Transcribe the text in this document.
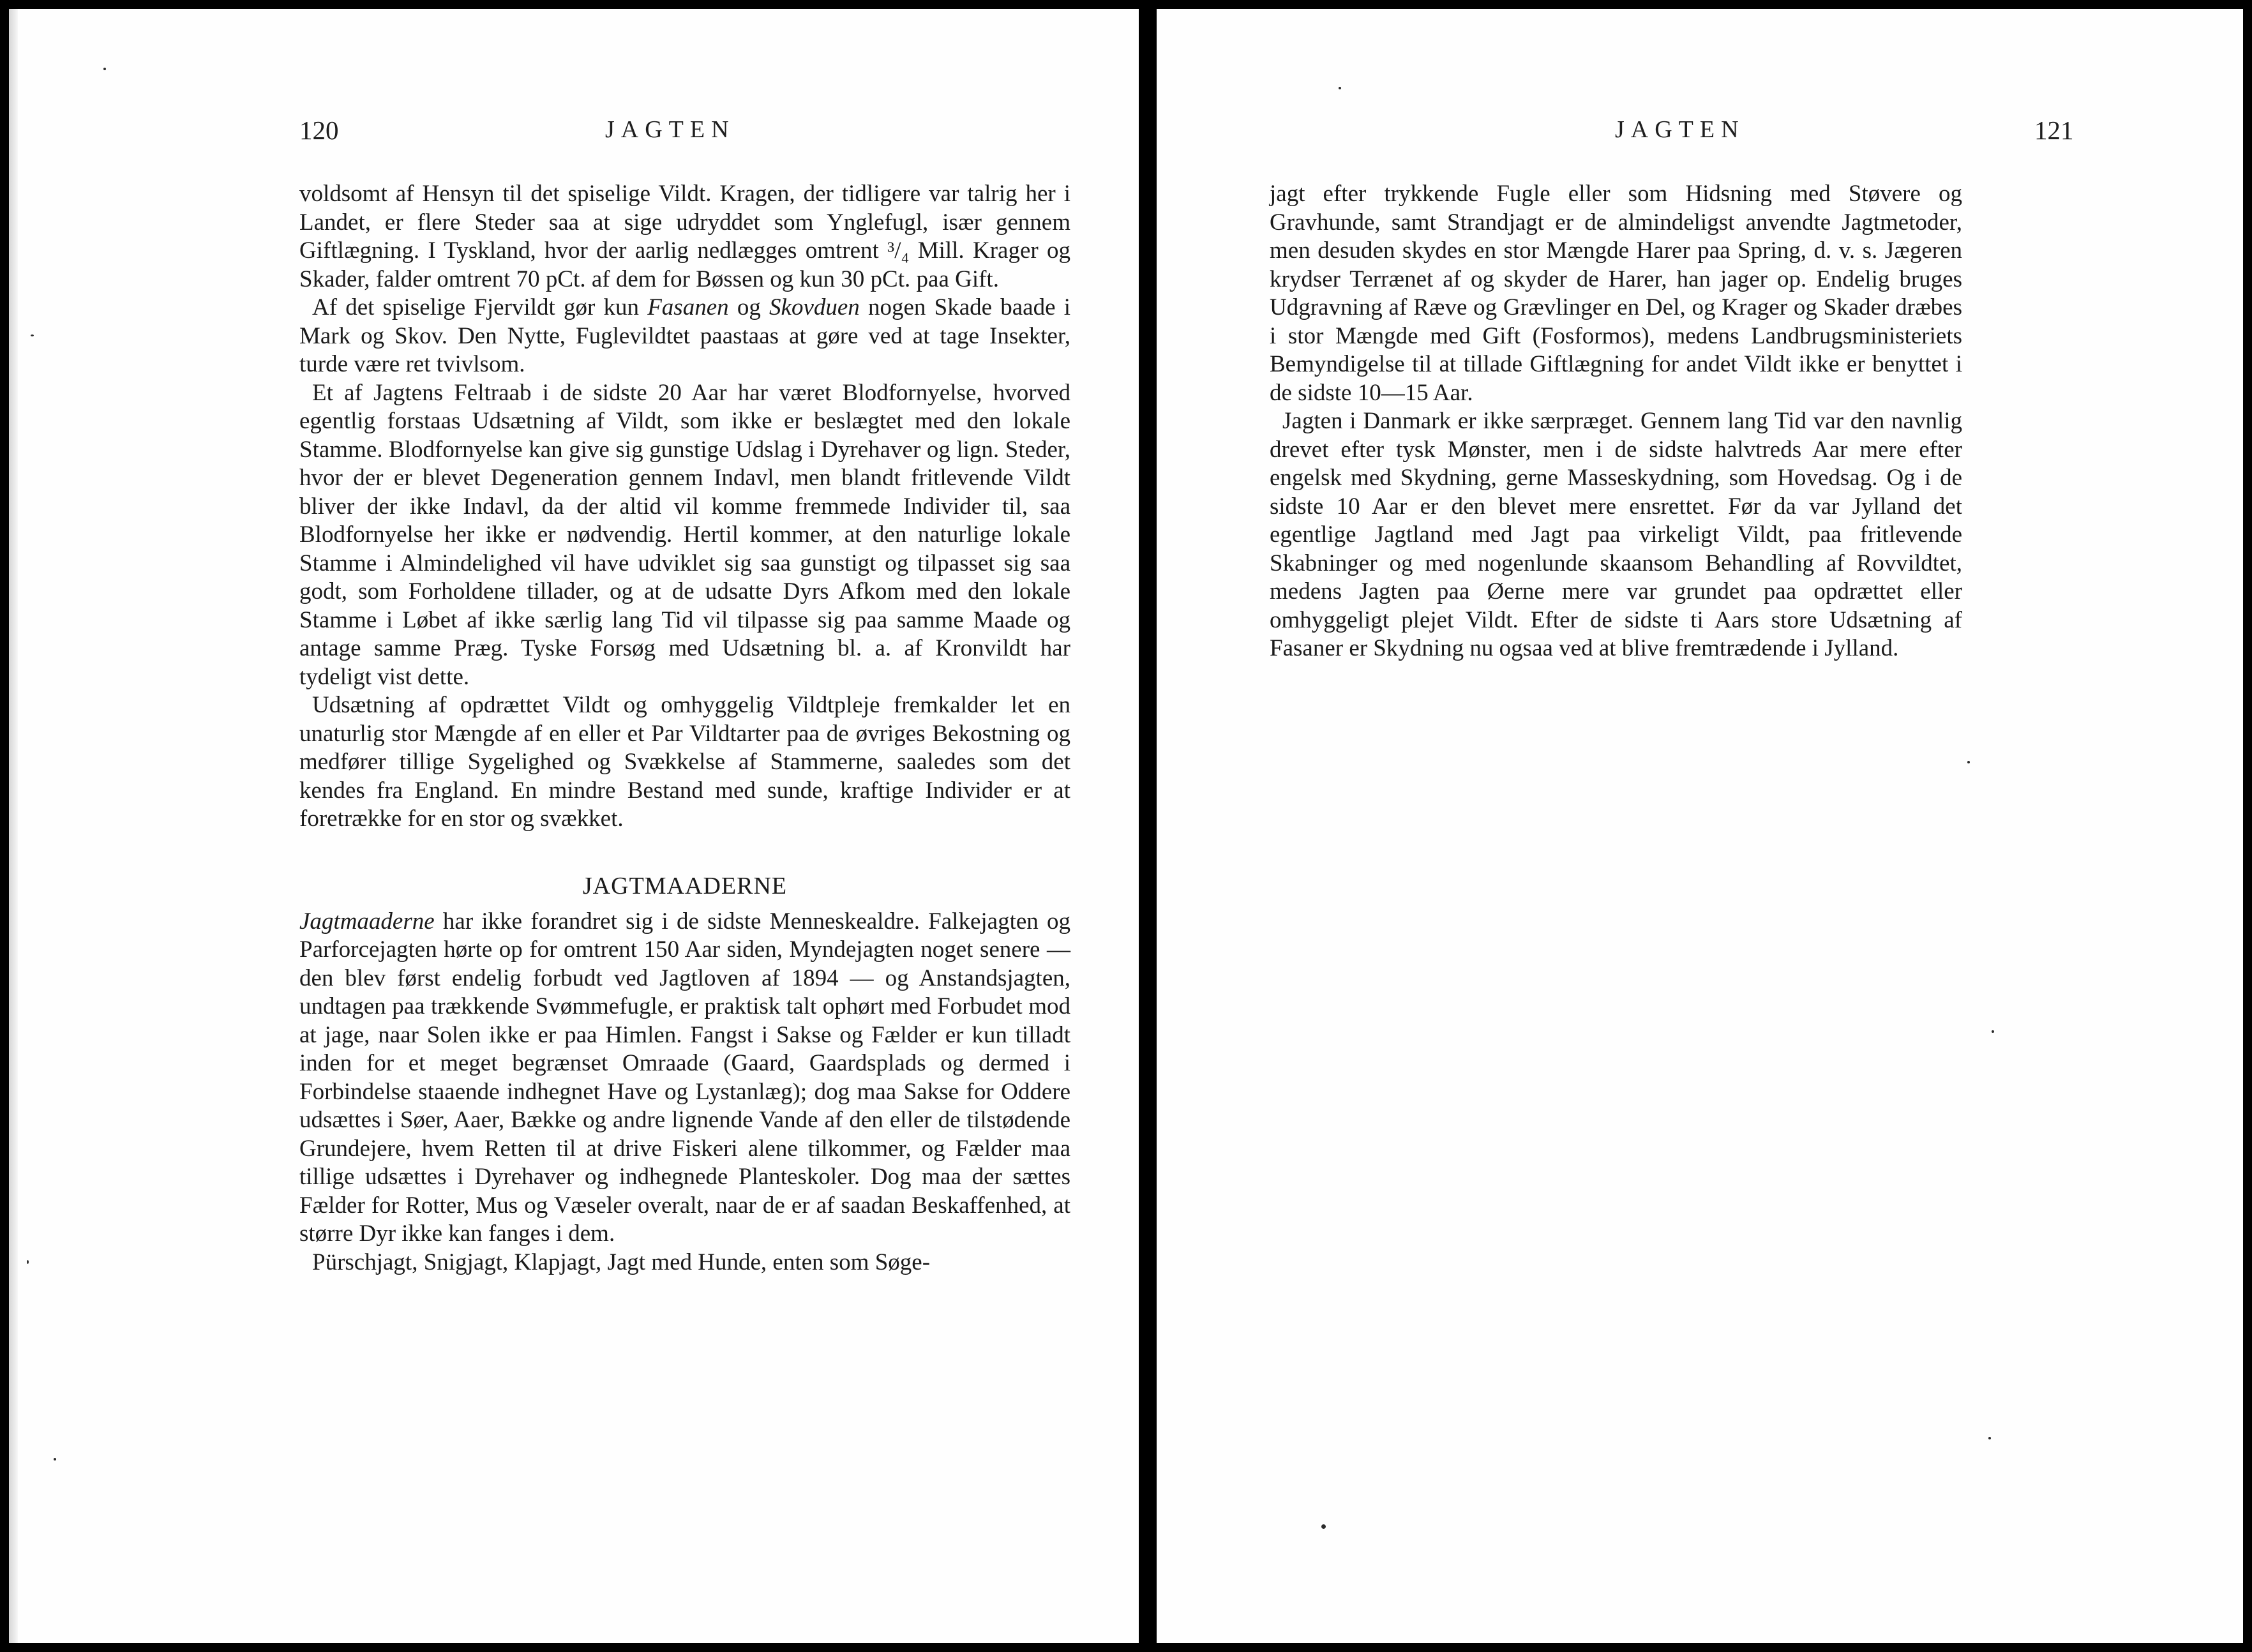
120	JAGTEN

voldsomt af Hensyn til det spiselige Vildt. Kragen, der tidligere var talrig her i Landet, er flere Steder saa at sige udryddet som Ynglefugl, især gennem Giftlægning. I Tyskland, hvor der aarlig nedlægges omtrent ³/₄ Mill. Krager og Skader, falder omtrent 70 pCt. af dem for Bøssen og kun 30 pCt. paa Gift.

Af det spiselige Fjervildt gør kun Fasanen og Skovduen nogen Skade baade i Mark og Skov. Den Nytte, Fuglevildtet paastaas at gøre ved at tage Insekter, turde være ret tvivlsom.

Et af Jagtens Feltraab i de sidste 20 Aar har været Blodfornyelse, hvorved egentlig forstaas Udsætning af Vildt, som ikke er beslægtet med den lokale Stamme. Blodfornyelse kan give sig gunstige Udslag i Dyrehaver og lign. Steder, hvor der er blevet Degeneration gennem Indavl, men blandt fritlevende Vildt bliver der ikke Indavl, da der altid vil komme fremmede Individer til, saa Blodfornyelse her ikke er nødvendig. Hertil kommer, at den naturlige lokale Stamme i Almindelighed vil have udviklet sig saa gunstigt og tilpasset sig saa godt, som Forholdene tillader, og at de udsatte Dyrs Afkom med den lokale Stamme i Løbet af ikke særlig lang Tid vil tilpasse sig paa samme Maade og antage samme Præg. Tyske Forsøg med Udsætning bl. a. af Kronvildt har tydeligt vist dette.

Udsætning af opdrættet Vildt og omhyggelig Vildtpleje fremkalder let en unaturlig stor Mængde af en eller et Par Vildtarter paa de øvriges Bekostning og medfører tillige Sygelighed og Svækkelse af Stammerne, saaledes som det kendes fra England. En mindre Bestand med sunde, kraftige Individer er at foretrække for en stor og svækket.

JAGTMAADERNE

Jagtmaaderne har ikke forandret sig i de sidste Menneskealdre. Falkejagten og Parforcejagten hørte op for omtrent 150 Aar siden, Myndejagten noget senere — den blev først endelig forbudt ved Jagtloven af 1894 — og Anstandsjagten, undtagen paa trækkende Svømmefugle, er praktisk talt ophørt med Forbudet mod at jage, naar Solen ikke er paa Himlen. Fangst i Sakse og Fælder er kun tilladt inden for et meget begrænset Omraade (Gaard, Gaardsplads og dermed i Forbindelse staaende indhegnet Have og Lystanlæg); dog maa Sakse for Oddere udsættes i Søer, Aaer, Bække og andre lignende Vande af den eller de tilstødende Grundejere, hvem Retten til at drive Fiskeri alene tilkommer, og Fælder maa tillige udsættes i Dyrehaver og indhegnede Planteskoler. Dog maa der sættes Fælder for Rotter, Mus og Væseler overalt, naar de er af saadan Beskaffenhed, at større Dyr ikke kan fanges i dem.

Pürschjagt, Snigjagt, Klapjagt, Jagt med Hunde, enten som Søge-

JAGTEN	121

jagt efter trykkende Fugle eller som Hidsning med Støvere og Gravhunde, samt Strandjagt er de almindeligst anvendte Jagtmetoder, men desuden skydes en stor Mængde Harer paa Spring, d. v. s. Jægeren krydser Terrænet af og skyder de Harer, han jager op. Endelig bruges Udgravning af Ræve og Grævlinger en Del, og Krager og Skader dræbes i stor Mængde med Gift (Fosformos), medens Landbrugsministeriets Bemyndigelse til at tillade Giftlægning for andet Vildt ikke er benyttet i de sidste 10—15 Aar.

Jagten i Danmark er ikke særpræget. Gennem lang Tid var den navnlig drevet efter tysk Mønster, men i de sidste halvtreds Aar mere efter engelsk med Skydning, gerne Masseskydning, som Hovedsag. Og i de sidste 10 Aar er den blevet mere ensrettet. Før da var Jylland det egentlige Jagtland med Jagt paa virkeligt Vildt, paa fritlevende Skabninger og med nogenlunde skaansom Behandling af Rovvildtet, medens Jagten paa Øerne mere var grundet paa opdrættet eller omhyggeligt plejet Vildt. Efter de sidste ti Aars store Udsætning af Fasaner er Skydning nu ogsaa ved at blive fremtrædende i Jylland.
